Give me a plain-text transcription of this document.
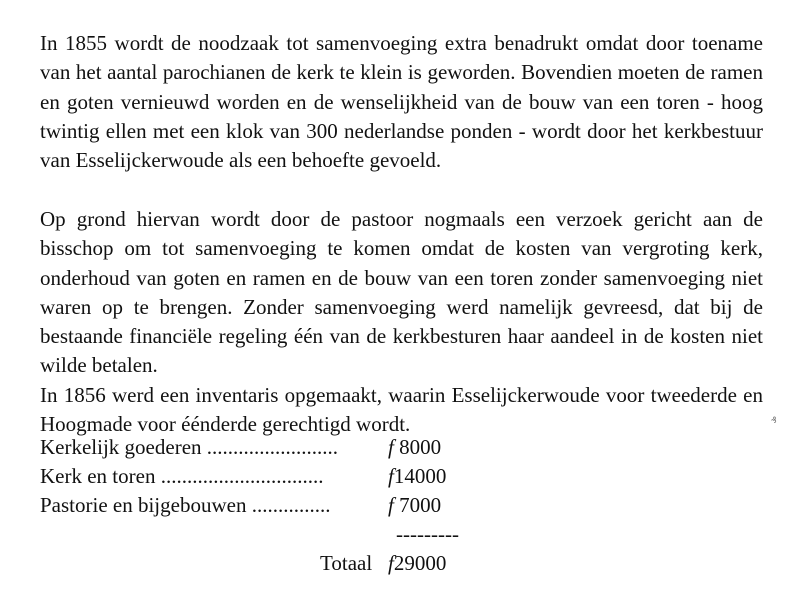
In 1855 wordt de noodzaak tot samenvoeging extra benadrukt omdat door toename van het aantal parochianen de kerk te klein is geworden. Bovendien moeten de ramen en goten vernieuwd worden en de wenselijkheid van de bouw van een toren - hoog twintig ellen met een klok van 300 nederlandse ponden - wordt door het kerkbestuur van Esselijckerwoude als een behoefte gevoeld.

Op grond hiervan wordt door de pastoor nogmaals een verzoek gericht aan de bisschop om tot samenvoeging te komen omdat de kosten van vergroting kerk, onderhoud van goten en ramen en de bouw van een toren zonder samenvoeging niet waren op te brengen. Zonder samenvoeging werd namelijk gevreesd, dat bij de bestaande financiële regeling één van de kerkbesturen haar aandeel in de kosten niet wilde betalen.

In 1856 werd een inventaris opgemaakt, waarin Esselijckerwoude voor tweederde en Hoogmade voor éénderde gerechtigd wordt.

Kerkelijk goederen ......................... f 8000
Kerk en toren ...............................	f14000
Pastorie en bijgebouwen ...............	f 7000
---------
Totaal f29000
₰
